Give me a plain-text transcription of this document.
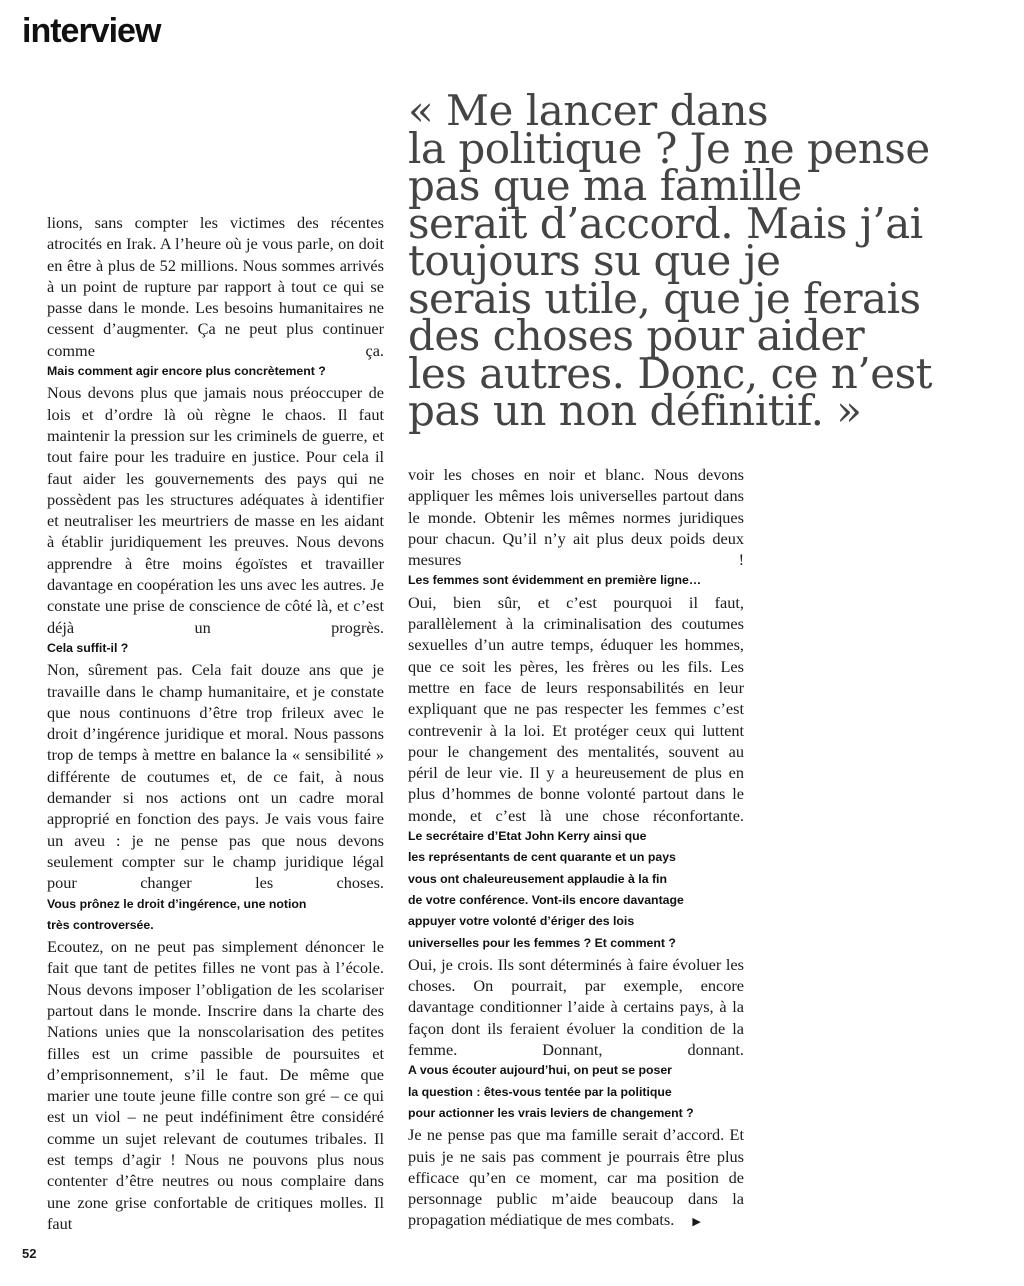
interview
« Me lancer dans
la politique ? Je ne pense
pas que ma famille
serait d’accord. Mais j’ai
toujours su que je
serais utile, que je ferais
des choses pour aider
les autres. Donc, ce n’est
pas un non définitif. »

lions, sans compter les victimes des récentes atrocités en Irak. A l’heure où je vous parle, on doit en être à plus de 52 millions. Nous sommes arrivés à un point de rupture par rapport à tout ce qui se passe dans le monde. Les besoins humanitaires ne cessent d’augmenter. Ça ne peut plus continuer comme ça.

Mais comment agir encore plus concrètement ?

Nous devons plus que jamais nous préoccuper de lois et d’ordre là où règne le chaos. Il faut maintenir la pression sur les criminels de guerre, et tout faire pour les traduire en justice. Pour cela il faut aider les gouvernements des pays qui ne possèdent pas les structures adéquates à identifier et neutraliser les meurtriers de masse en les aidant à établir juridiquement les preuves. Nous devons apprendre à être moins égoïstes et travailler davantage en coopération les uns avec les autres. Je constate une prise de conscience de côté là, et c’est déjà un progrès.

Cela suffit-il ?

Non, sûrement pas. Cela fait douze ans que je travaille dans le champ humanitaire, et je constate que nous continuons d’être trop frileux avec le droit d’ingérence juridique et moral. Nous passons trop de temps à mettre en balance la « sensibilité » différente de coutumes et, de ce fait, à nous demander si nos actions ont un cadre moral approprié en fonction des pays. Je vais vous faire un aveu : je ne pense pas que nous devons seulement compter sur le champ juridique légal pour changer les choses.

Vous prônez le droit d’ingérence, une notion
très controversée.

Ecoutez, on ne peut pas simplement dénoncer le fait que tant de petites filles ne vont pas à l’école. Nous devons imposer l’obligation de les scolariser partout dans le monde. Inscrire dans la charte des Nations unies que la nonscolarisation des petites filles est un crime passible de poursuites et d’emprisonnement, s’il le faut. De même que marier une toute jeune fille contre son gré – ce qui est un viol – ne peut indéfiniment être considéré comme un sujet relevant de coutumes tribales. Il est temps d’agir ! Nous ne pouvons plus nous contenter d’être neutres ou nous complaire dans une zone grise confortable de critiques molles. Il faut

voir les choses en noir et blanc. Nous devons appliquer les mêmes lois universelles partout dans le monde. Obtenir les mêmes normes juridiques pour chacun. Qu’il n’y ait plus deux poids deux mesures !

Les femmes sont évidemment en première ligne…

Oui, bien sûr, et c’est pourquoi il faut, parallèlement à la criminalisation des coutumes sexuelles d’un autre temps, éduquer les hommes, que ce soit les pères, les frères ou les fils. Les mettre en face de leurs responsabilités en leur expliquant que ne pas respecter les femmes c’est contrevenir à la loi. Et protéger ceux qui luttent pour le changement des mentalités, souvent au péril de leur vie. Il y a heureusement de plus en plus d’hommes de bonne volonté partout dans le monde, et c’est là une chose réconfortante.

Le secrétaire d’Etat John Kerry ainsi que
les représentants de cent quarante et un pays
vous ont chaleureusement applaudie à la fin
de votre conférence. Vont-ils encore davantage
appuyer votre volonté d’ériger des lois
universelles pour les femmes ? Et comment ?

Oui, je crois. Ils sont déterminés à faire évoluer les choses. On pourrait, par exemple, encore davantage conditionner l’aide à certains pays, à la façon dont ils feraient évoluer la condition de la femme. Donnant, donnant.

A vous écouter aujourd’hui, on peut se poser
la question : êtes-vous tentée par la politique
pour actionner les vrais leviers de changement ?

Je ne pense pas que ma famille serait d’accord. Et puis je ne sais pas comment je pourrais être plus efficace qu’en ce moment, car ma position de personnage public m’aide beaucoup dans la propagation médiatique de mes combats. ▶

52
